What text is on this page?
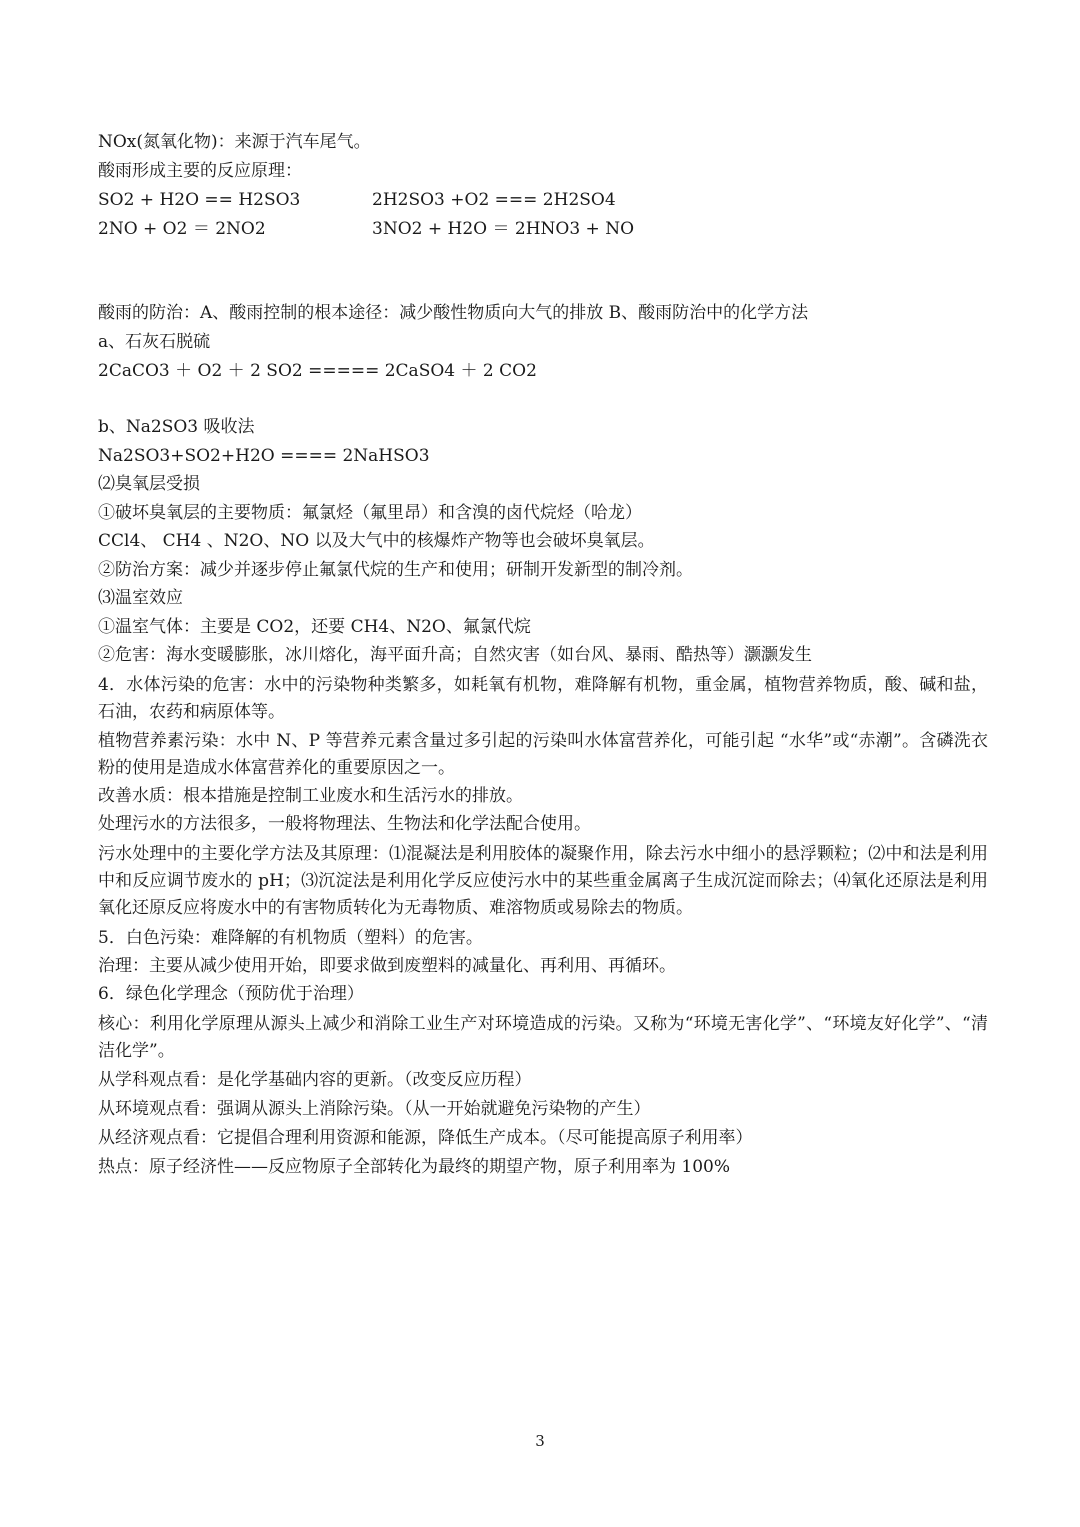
NOx(氮氧化物)：来源于汽车尾气。
酸雨形成主要的反应原理：
SO2 + H2O == H2SO3	2H2SO3 +O2 === 2H2SO4
2NO + O2 ＝ 2NO2	3NO2 + H2O ＝ 2HNO3 + NO
酸雨的防治：A、酸雨控制的根本途径：减少酸性物质向大气的排放 B、酸雨防治中的化学方法
a、石灰石脱硫
2CaCO3 ＋ O2 ＋ 2 SO2 ===== 2CaSO4 ＋ 2 CO2
b、Na2SO3 吸收法
Na2SO3+SO2+H2O ==== 2NaHSO3
⑵臭氧层受损
①破坏臭氧层的主要物质：氟氯烃（氟里昂）和含溴的卤代烷烃（哈龙）
CCl4、 CH4 、N2O、NO 以及大气中的核爆炸产物等也会破坏臭氧层。
②防治方案：减少并逐步停止氟氯代烷的生产和使用；研制开发新型的制冷剂。
⑶温室效应
①温室气体：主要是 CO2，还要 CH4、N2O、氟氯代烷
②危害：海水变暖膨胀，冰川熔化，海平面升高；自然灾害（如台风、暴雨、酷热等）灏灏发生
4．水体污染的危害：水中的污染物种类繁多，如耗氧有机物，难降解有机物，重金属，植物营养物质，酸、碱和盐，石油，农药和病原体等。
植物营养素污染：水中 N、P 等营养元素含量过多引起的污染叫水体富营养化，可能引起 “水华”或“赤潮”。含磷洗衣粉的使用是造成水体富营养化的重要原因之一。
改善水质：根本措施是控制工业废水和生活污水的排放。
处理污水的方法很多，一般将物理法、生物法和化学法配合使用。
污水处理中的主要化学方法及其原理：⑴混凝法是利用胶体的凝聚作用，除去污水中细小的悬浮颗粒；⑵中和法是利用中和反应调节废水的 pH；⑶沉淀法是利用化学反应使污水中的某些重金属离子生成沉淀而除去；⑷氧化还原法是利用氧化还原反应将废水中的有害物质转化为无毒物质、难溶物质或易除去的物质。
5．白色污染：难降解的有机物质（塑料）的危害。
治理：主要从减少使用开始，即要求做到废塑料的减量化、再利用、再循环。
6．绿色化学理念（预防优于治理）
核心：利用化学原理从源头上减少和消除工业生产对环境造成的污染。又称为“环境无害化学”、“环境友好化学”、“清洁化学”。
从学科观点看：是化学基础内容的更新。（改变反应历程）
从环境观点看：强调从源头上消除污染。（从一开始就避免污染物的产生）
从经济观点看：它提倡合理利用资源和能源，降低生产成本。（尽可能提高原子利用率）
热点：原子经济性——反应物原子全部转化为最终的期望产物，原子利用率为 100%
3
